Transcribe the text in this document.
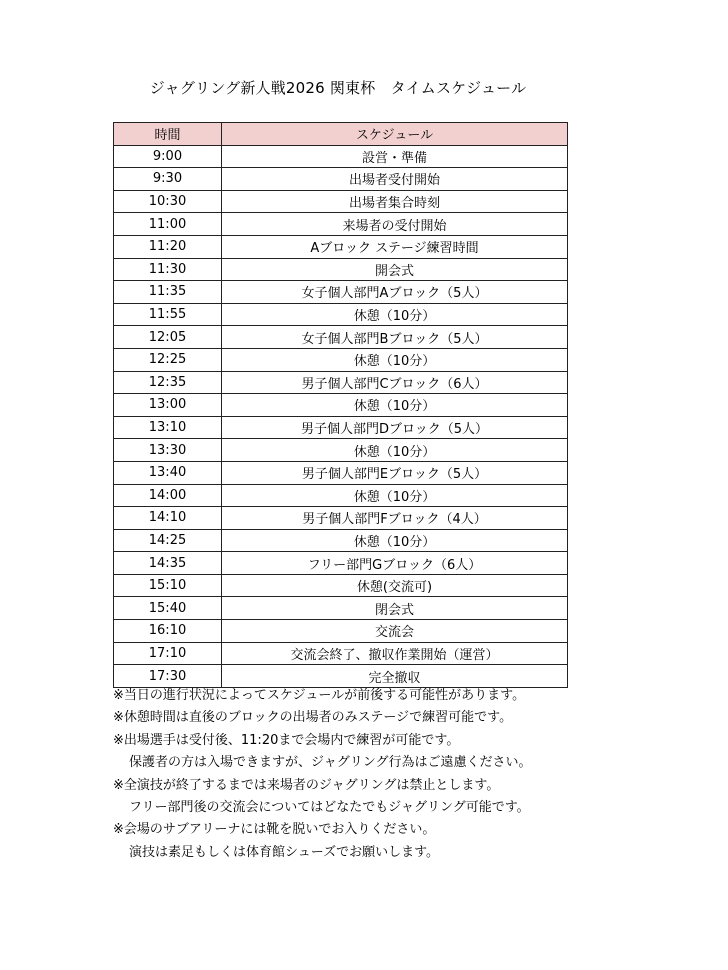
ジャグリング新人戦2026 関東杯　タイムスケジュール
時間	スケジュール
9:00	設営・準備
9:30	出場者受付開始
10:30	出場者集合時刻
11:00	来場者の受付開始
11:20	Aブロック ステージ練習時間
11:30	開会式
11:35	女子個人部門Aブロック（5人）
11:55	休憩（10分）
12:05	女子個人部門Bブロック（5人）
12:25	休憩（10分）
12:35	男子個人部門Cブロック（6人）
13:00	休憩（10分）
13:10	男子個人部門Dブロック（5人）
13:30	休憩（10分）
13:40	男子個人部門Eブロック（5人）
14:00	休憩（10分）
14:10	男子個人部門Fブロック（4人）
14:25	休憩（10分）
14:35	フリー部門Gブロック（6人）
15:10	休憩(交流可)
15:40	閉会式
16:10	交流会
17:10	交流会終了、撤収作業開始（運営）
17:30	完全撤収
※当日の進行状況によってスケジュールが前後する可能性があります。
※休憩時間は直後のブロックの出場者のみステージで練習可能です。
※出場選手は受付後、11:20まで会場内で練習が可能です。
保護者の方は入場できますが、ジャグリング行為はご遠慮ください。
※全演技が終了するまでは来場者のジャグリングは禁止とします。
フリー部門後の交流会についてはどなたでもジャグリング可能です。
※会場のサブアリーナには靴を脱いでお入りください。
演技は素足もしくは体育館シューズでお願いします。
